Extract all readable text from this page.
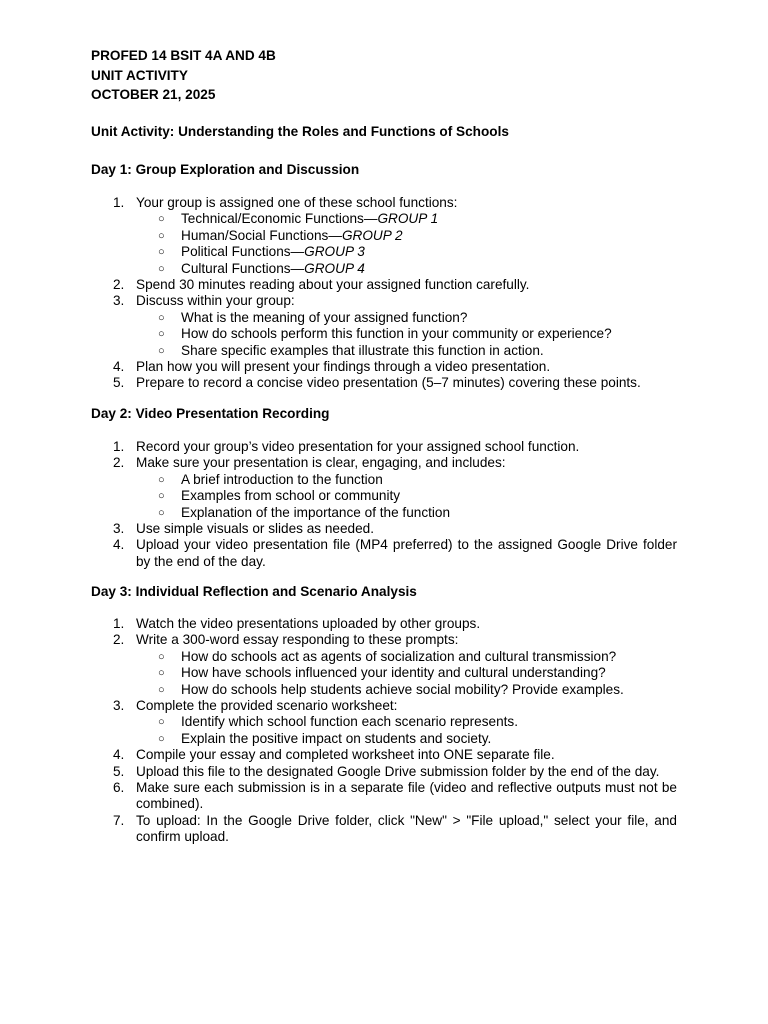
PROFED 14 BSIT 4A AND 4B
UNIT ACTIVITY
OCTOBER 21, 2025
Unit Activity: Understanding the Roles and Functions of Schools
Day 1: Group Exploration and Discussion
1. Your group is assigned one of these school functions:
○ Technical/Economic Functions—GROUP 1
○ Human/Social Functions—GROUP 2
○ Political Functions—GROUP 3
○ Cultural Functions—GROUP 4
2. Spend 30 minutes reading about your assigned function carefully.
3. Discuss within your group:
○ What is the meaning of your assigned function?
○ How do schools perform this function in your community or experience?
○ Share specific examples that illustrate this function in action.
4. Plan how you will present your findings through a video presentation.
5. Prepare to record a concise video presentation (5–7 minutes) covering these points.
Day 2: Video Presentation Recording
1. Record your group’s video presentation for your assigned school function.
2. Make sure your presentation is clear, engaging, and includes:
○ A brief introduction to the function
○ Examples from school or community
○ Explanation of the importance of the function
3. Use simple visuals or slides as needed.
4. Upload your video presentation file (MP4 preferred) to the assigned Google Drive folder by the end of the day.
Day 3: Individual Reflection and Scenario Analysis
1. Watch the video presentations uploaded by other groups.
2. Write a 300-word essay responding to these prompts:
○ How do schools act as agents of socialization and cultural transmission?
○ How have schools influenced your identity and cultural understanding?
○ How do schools help students achieve social mobility? Provide examples.
3. Complete the provided scenario worksheet:
○ Identify which school function each scenario represents.
○ Explain the positive impact on students and society.
4. Compile your essay and completed worksheet into ONE separate file.
5. Upload this file to the designated Google Drive submission folder by the end of the day.
6. Make sure each submission is in a separate file (video and reflective outputs must not be combined).
7. To upload: In the Google Drive folder, click "New" > "File upload," select your file, and confirm upload.
